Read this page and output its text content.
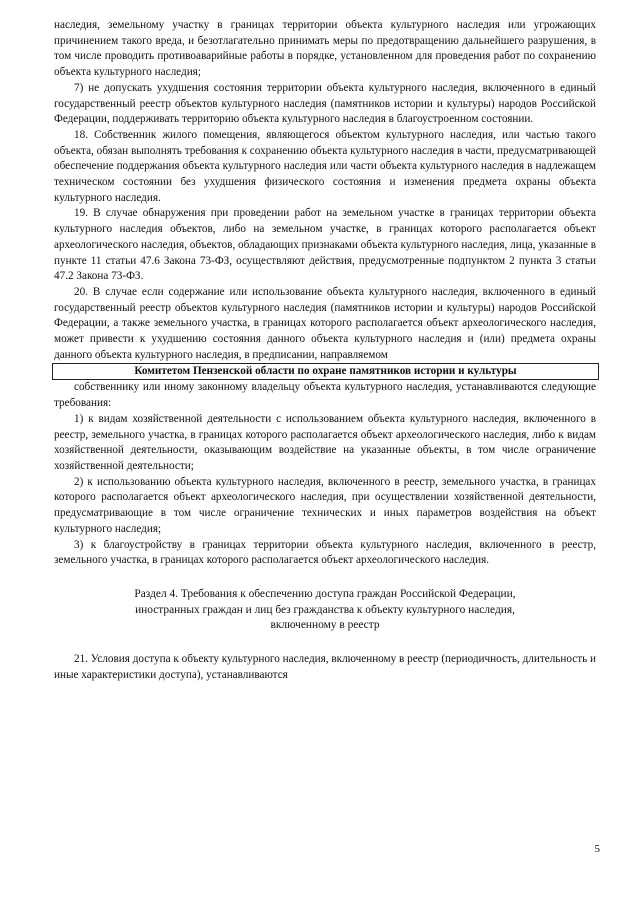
наследия, земельному участку в границах территории объекта культурного наследия или угрожающих причинением такого вреда, и безотлагательно принимать меры по предотвращению дальнейшего разрушения, в том числе проводить противоаварийные работы в порядке, установленном для проведения работ по сохранению объекта культурного наследия;

7) не допускать ухудшения состояния территории объекта культурного наследия, включенного в единый государственный реестр объектов культурного наследия (памятников истории и культуры) народов Российской Федерации, поддерживать территорию объекта культурного наследия в благоустроенном состоянии.

18. Собственник жилого помещения, являющегося объектом культурного наследия, или частью такого объекта, обязан выполнять требования к сохранению объекта культурного наследия в части, предусматривающей обеспечение поддержания объекта культурного наследия или части объекта культурного наследия в надлежащем техническом состоянии без ухудшения физического состояния и изменения предмета охраны объекта культурного наследия.

19. В случае обнаружения при проведении работ на земельном участке в границах территории объекта культурного наследия объектов, либо на земельном участке, в границах которого располагается объект археологического наследия, объектов, обладающих признаками объекта культурного наследия, лица, указанные в пункте 11 статьи 47.6 Закона 73-ФЗ, осуществляют действия, предусмотренные подпунктом 2 пункта 3 статьи 47.2 Закона 73-ФЗ.

20. В случае если содержание или использование объекта культурного наследия, включенного в единый государственный реестр объектов культурного наследия (памятников истории и культуры) народов Российской Федерации, а также земельного участка, в границах которого располагается объект археологического наследия, может привести к ухудшению состояния данного объекта культурного наследия и (или) предмета охраны данного объекта культурного наследия, в предписании, направляемом

Комитетом Пензенской области по охране памятников истории и культуры

собственнику или иному законному владельцу объекта культурного наследия, устанавливаются следующие требования:

1) к видам хозяйственной деятельности с использованием объекта культурного наследия, включенного в реестр, земельного участка, в границах которого располагается объект археологического наследия, либо к видам хозяйственной деятельности, оказывающим воздействие на указанные объекты, в том числе ограничение хозяйственной деятельности;

2) к использованию объекта культурного наследия, включенного в реестр, земельного участка, в границах которого располагается объект археологического наследия, при осуществлении хозяйственной деятельности, предусматривающие в том числе ограничение технических и иных параметров воздействия на объект культурного наследия;

3) к благоустройству в границах территории объекта культурного наследия, включенного в реестр, земельного участка, в границах которого располагается объект археологического наследия.

Раздел 4. Требования к обеспечению доступа граждан Российской Федерации,
иностранных граждан и лиц без гражданства к объекту культурного наследия,
включенному в реестр

21. Условия доступа к объекту культурного наследия, включенному в реестр (периодичность, длительность и иные характеристики доступа), устанавливаются

5
